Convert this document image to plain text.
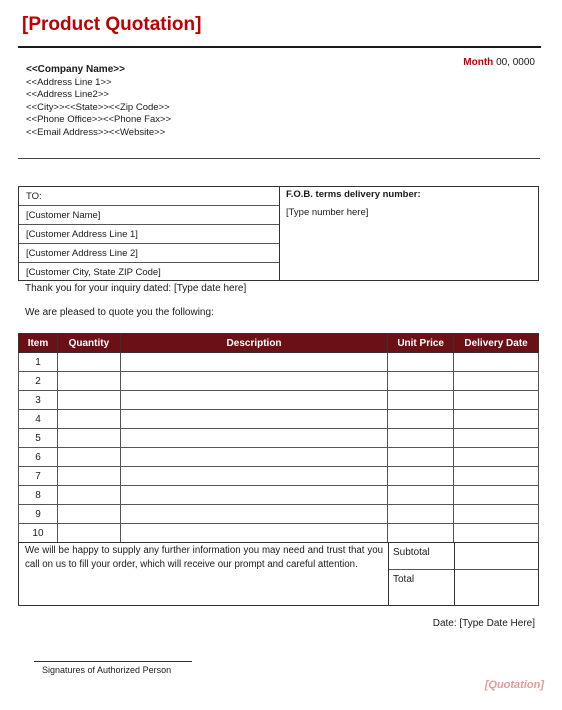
[Product Quotation]
Month 00, 0000
<<Company Name>>
<<Address Line 1>>
<<Address Line2>>
<<City>><<State>><<Zip Code>>
<<Phone Office>><<Phone Fax>>
<<Email Address>><<Website>>
TO:
[Customer Name]
[Customer Address Line 1]
[Customer Address Line 2]
[Customer City, State ZIP Code]
F.O.B. terms delivery number:
[Type number here]
Thank you for your inquiry dated: [Type date here]
We are pleased to quote you the following:
Item	Quantity	Description	Unit Price	Delivery Date
1				
2				
3				
4				
5				
6				
7				
8				
9				
10				
We will be happy to supply any further information you may need and trust that you call on us to fill your order, which will receive our prompt and careful attention.
Subtotal
Total
Date: [Type Date Here]
Signatures of Authorized Person
[Quotation]
